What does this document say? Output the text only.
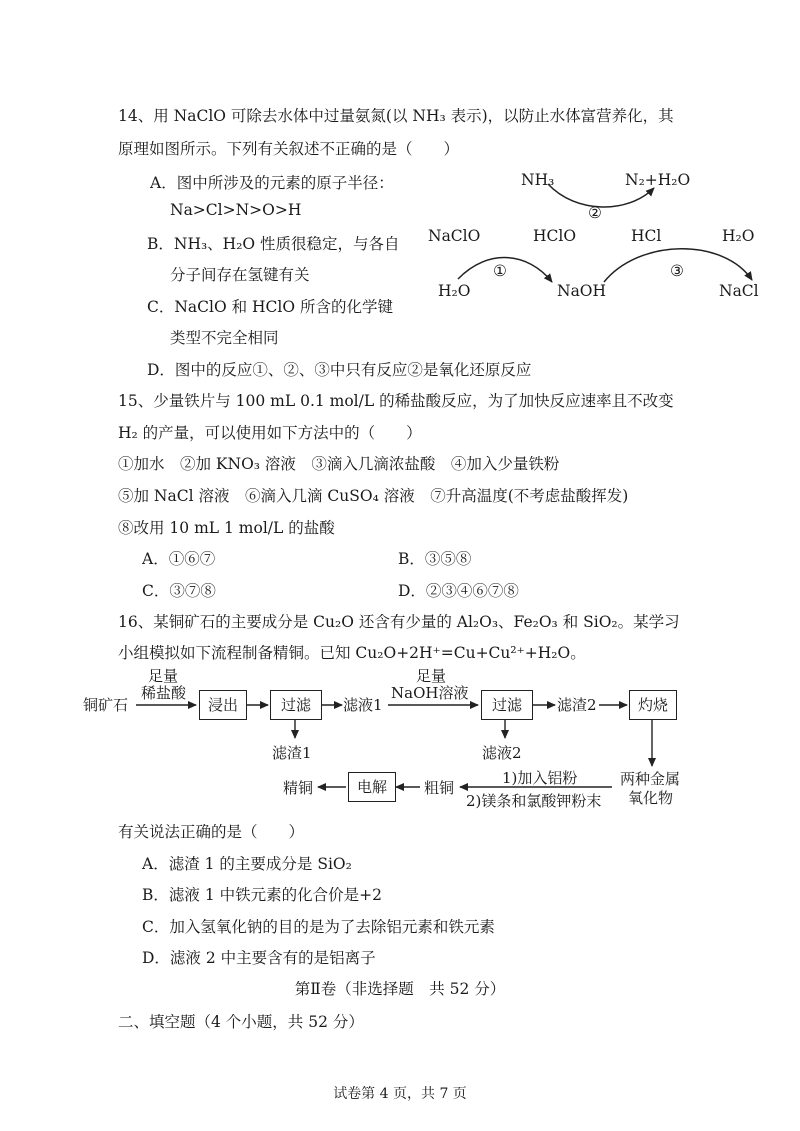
14、用 NaClO 可除去水体中过量氨氮(以 NH₃ 表示)，以防止水体富营养化，其
原理如图所示。下列有关叙述不正确的是（　　）
A．图中所涉及的元素的原子半径：
Na>Cl>N>O>H
B．NH₃、H₂O 性质很稳定，与各自
分子间存在氢键有关
C．NaClO 和 HClO 所含的化学键
类型不完全相同
D．图中的反应①、②、③中只有反应②是氧化还原反应
NH₃	N₂+H₂O
②
NaClO	HClO	HCl	H₂O
①	③
H₂O	NaOH	NaCl
15、少量铁片与 100 mL 0.1 mol/L 的稀盐酸反应，为了加快反应速率且不改变
H₂ 的产量，可以使用如下方法中的（　　）
①加水　②加 KNO₃ 溶液　③滴入几滴浓盐酸　④加入少量铁粉
⑤加 NaCl 溶液　⑥滴入几滴 CuSO₄ 溶液　⑦升高温度(不考虑盐酸挥发)
⑧改用 10 mL 1 mol/L 的盐酸
A．①⑥⑦	B．③⑤⑧
C．③⑦⑧	D．②③④⑥⑦⑧
16、某铜矿石的主要成分是 Cu₂O 还含有少量的 Al₂O₃、Fe₂O₃ 和 SiO₂。某学习
小组模拟如下流程制备精铜。已知 Cu₂O+2H⁺=Cu+Cu²⁺+H₂O。
铜矿石
足量
稀盐酸
浸出	过滤	滤液1
足量
NaOH溶液
过滤	滤渣2	灼烧
滤渣1	滤液2
精铜	电解	粗铜
1)加入铝粉
2)镁条和氯酸钾粉末
两种金属
氧化物
有关说法正确的是（　　）
A．滤渣 1 的主要成分是 SiO₂
B．滤液 1 中铁元素的化合价是+2
C．加入氢氧化钠的目的是为了去除铝元素和铁元素
D．滤液 2 中主要含有的是铝离子
第Ⅱ卷（非选择题　共 52 分）
二、填空题（4 个小题，共 52 分）
试卷第 4 页，共 7 页
